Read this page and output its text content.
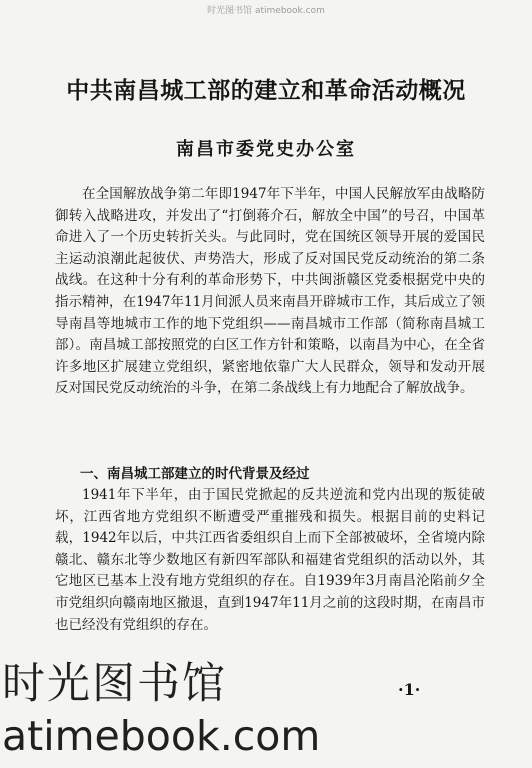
时光图书馆 atimebook.com
中共南昌城工部的建立和革命活动概况
南昌市委党史办公室

在全国解放战争第二年即1947年下半年，中国人民解放军由战略防御转入战略进攻，并发出了“打倒蒋介石，解放全中国”的号召，中国革命进入了一个历史转折关头。与此同时，党在国统区领导开展的爱国民主运动浪潮此起彼伏、声势浩大，形成了反对国民党反动统治的第二条战线。在这种十分有利的革命形势下，中共闽浙赣区党委根据党中央的指示精神，在1947年11月间派人员来南昌开辟城市工作，其后成立了领导南昌等地城市工作的地下党组织——南昌城市工作部（简称南昌城工部）。南昌城工部按照党的白区工作方针和策略，以南昌为中心，在全省许多地区扩展建立党组织，紧密地依靠广大人民群众，领导和发动开展反对国民党反动统治的斗争，在第二条战线上有力地配合了解放战争。

一、南昌城工部建立的时代背景及经过

1941年下半年，由于国民党掀起的反共逆流和党内出现的叛徒破坏，江西省地方党组织不断遭受严重摧残和损失。根据目前的史料记载，1942年以后，中共江西省委组织自上而下全部被破坏，全省境内除赣北、赣东北等少数地区有新四军部队和福建省党组织的活动以外，其它地区已基本上没有地方党组织的存在。自1939年3月南昌沦陷前夕全市党组织向赣南地区撤退，直到1947年11月之前的这段时期，在南昌市也已经没有党组织的存在。

·1·
时光图书馆
atimebook.com
